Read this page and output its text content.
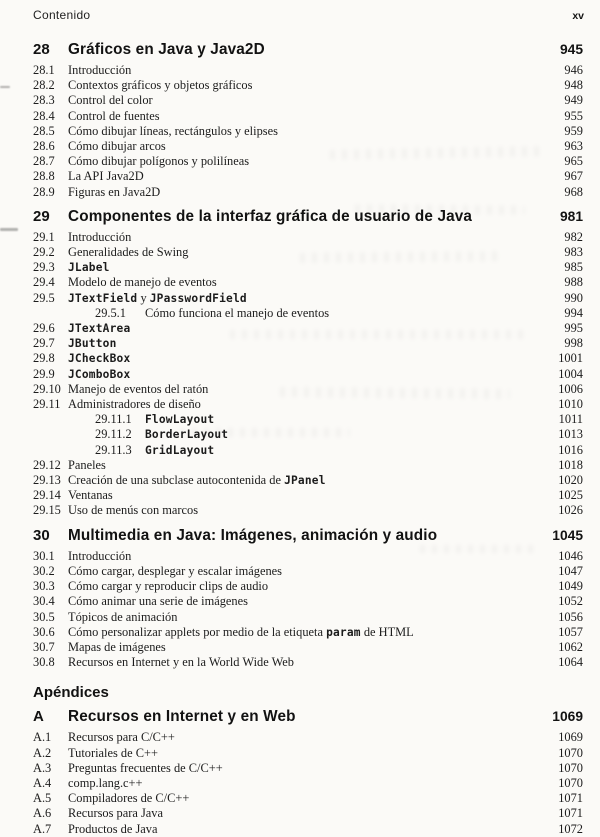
Contenido	xv
28	Gráficos en Java y Java2D	945
28.1	Introducción	946
28.2	Contextos gráficos y objetos gráficos	948
28.3	Control del color	949
28.4	Control de fuentes	955
28.5	Cómo dibujar líneas, rectángulos y elipses	959
28.6	Cómo dibujar arcos	963
28.7	Cómo dibujar polígonos y polilíneas	965
28.8	La API Java2D	967
28.9	Figuras en Java2D	968
29	Componentes de la interfaz gráfica de usuario de Java	981
29.1	Introducción	982
29.2	Generalidades de Swing	983
29.3	JLabel	985
29.4	Modelo de manejo de eventos	988
29.5	JTextField y JPasswordField	990
29.5.1	Cómo funciona el manejo de eventos	994
29.6	JTextArea	995
29.7	JButton	998
29.8	JCheckBox	1001
29.9	JComboBox	1004
29.10 Manejo de eventos del ratón	1006
29.11 Administradores de diseño	1010
29.11.1	FlowLayout	1011
29.11.2	BorderLayout	1013
29.11.3	GridLayout	1016
29.12 Paneles	1018
29.13 Creación de una subclase autocontenida de JPanel	1020
29.14 Ventanas	1025
29.15 Uso de menús con marcos	1026
30	Multimedia en Java: Imágenes, animación y audio	1045
30.1	Introducción	1046
30.2	Cómo cargar, desplegar y escalar imágenes	1047
30.3	Cómo cargar y reproducir clips de audio	1049
30.4	Cómo animar una serie de imágenes	1052
30.5	Tópicos de animación	1056
30.6	Cómo personalizar applets por medio de la etiqueta param de HTML	1057
30.7	Mapas de imágenes	1062
30.8	Recursos en Internet y en la World Wide Web	1064
Apéndices
A	Recursos en Internet y en Web	1069
A.1	Recursos para C/C++	1069
A.2	Tutoriales de C++	1070
A.3	Preguntas frecuentes de C/C++	1070
A.4	comp.lang.c++	1070
A.5	Compiladores de C/C++	1071
A.6	Recursos para Java	1071
A.7	Productos de Java	1072
